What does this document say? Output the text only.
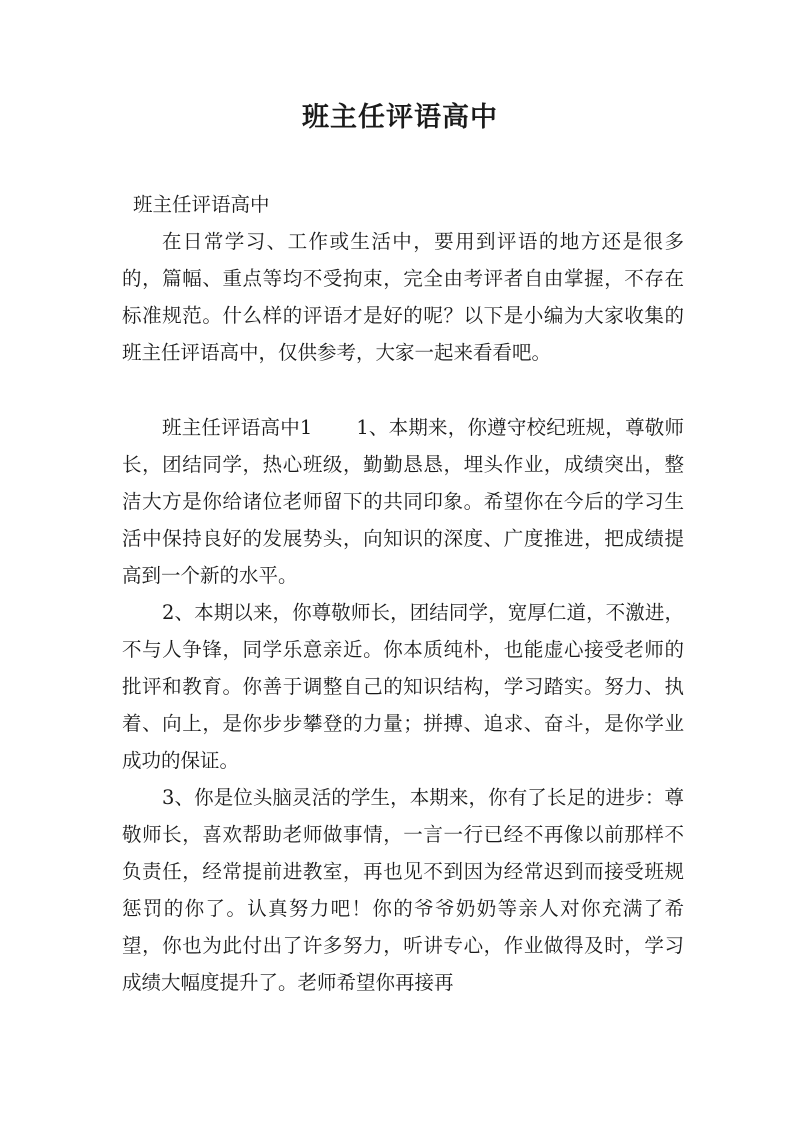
班主任评语高中

班主任评语高中

在日常学习、工作或生活中，要用到评语的地方还是很多的，篇幅、重点等均不受拘束，完全由考评者自由掌握，不存在标准规范。什么样的评语才是好的呢？以下是小编为大家收集的班主任评语高中，仅供参考，大家一起来看看吧。

班主任评语高中1 1、本期来，你遵守校纪班规，尊敬师长，团结同学，热心班级，勤勤恳恳，埋头作业，成绩突出，整洁大方是你给诸位老师留下的共同印象。希望你在今后的学习生活中保持良好的发展势头，向知识的深度、广度推进，把成绩提高到一个新的水平。

2、本期以来，你尊敬师长，团结同学，宽厚仁道，不激进，不与人争锋，同学乐意亲近。你本质纯朴，也能虚心接受老师的批评和教育。你善于调整自己的知识结构，学习踏实。努力、执着、向上，是你步步攀登的力量；拼搏、追求、奋斗，是你学业成功的保证。

3、你是位头脑灵活的学生，本期来，你有了长足的进步：尊敬师长，喜欢帮助老师做事情，一言一行已经不再像以前那样不负责任，经常提前进教室，再也见不到因为经常迟到而接受班规惩罚的你了。认真努力吧！你的爷爷奶奶等亲人对你充满了希望，你也为此付出了许多努力，听讲专心，作业做得及时，学习成绩大幅度提升了。老师希望你再接再
